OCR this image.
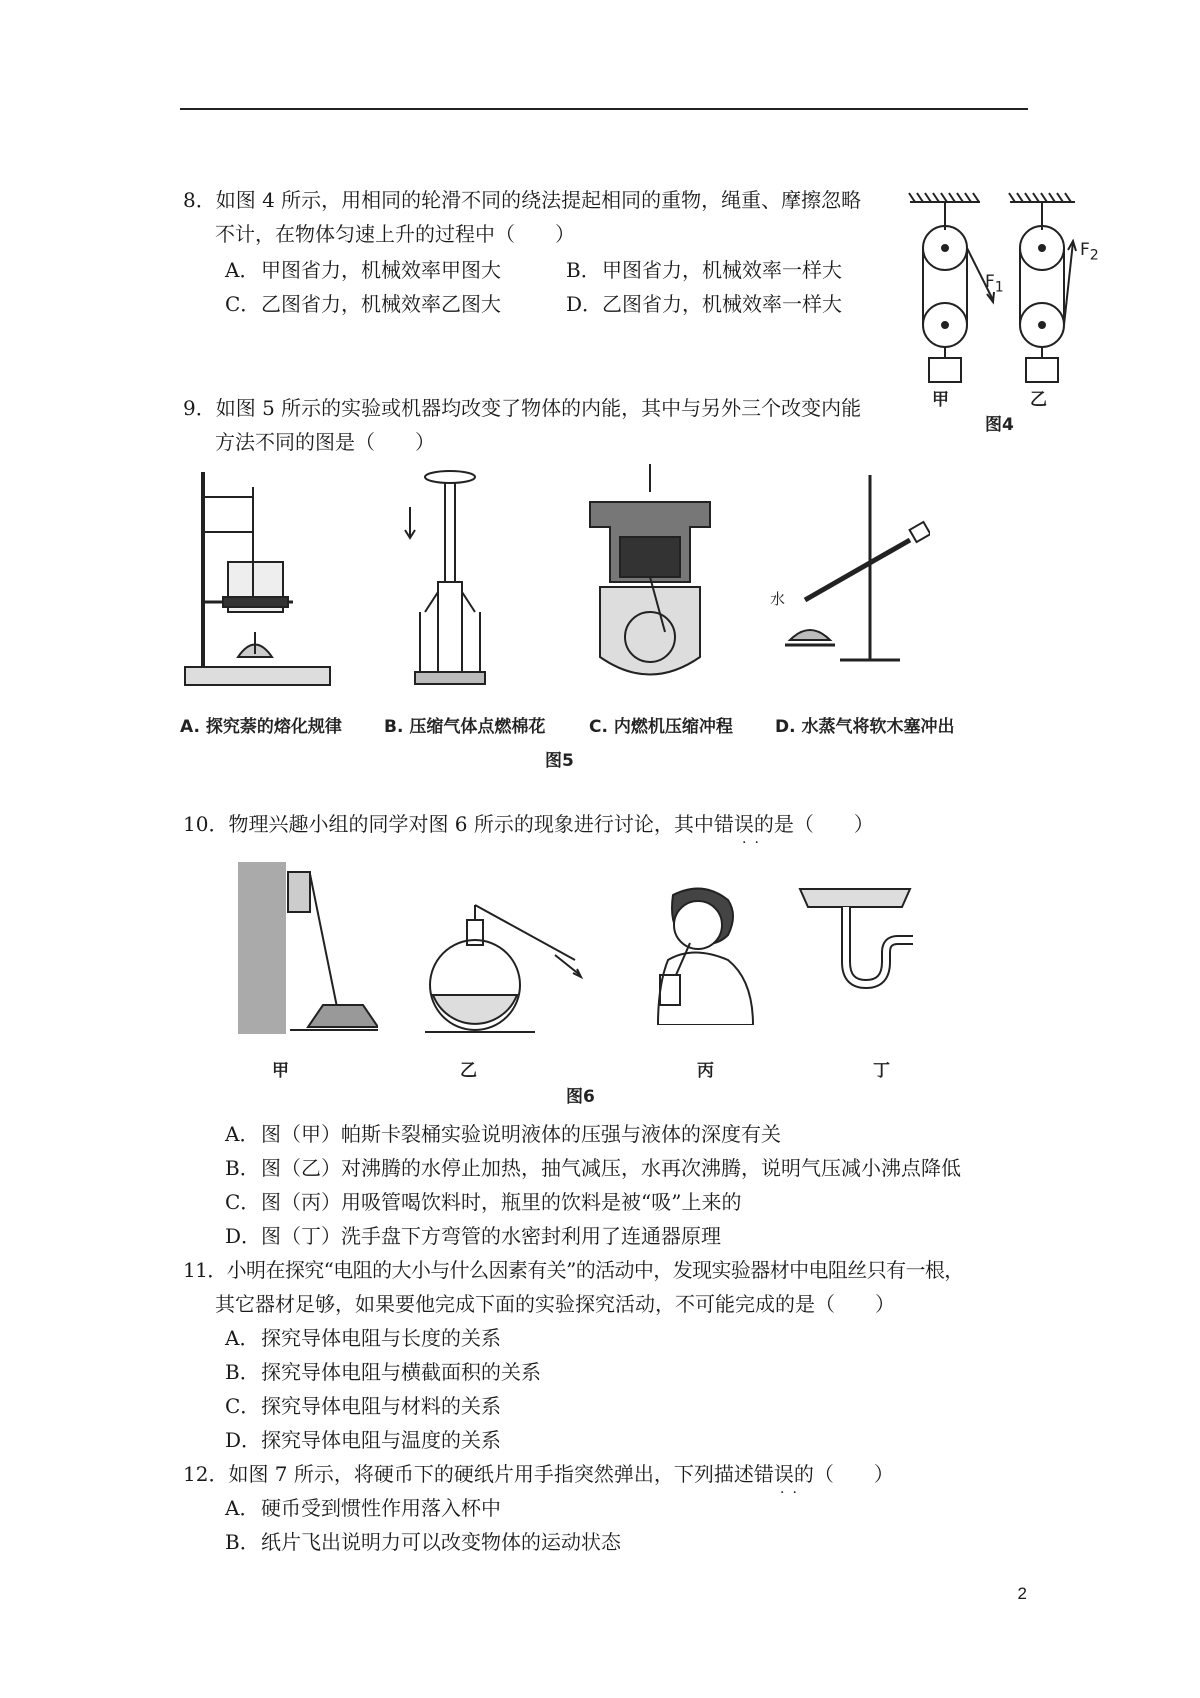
8．如图 4 所示，用相同的轮滑不同的绕法提起相同的重物，绳重、摩擦忽略
不计，在物体匀速上升的过程中（　　）
A．甲图省力，机械效率甲图大	B．甲图省力，机械效率一样大
C．乙图省力，机械效率乙图大	D．乙图省力，机械效率一样大
$F_1$
$F_2$
甲	乙
图4
9．如图 5 所示的实验或机器均改变了物体的内能，其中与另外三个改变内能
方法不同的图是（　　）
水
A. 探究萘的熔化规律 B. 压缩气体点燃棉花	C. 内燃机压缩冲程 D. 水蒸气将软木塞冲出
图5
10．物理兴趣小组的同学对图 6 所示的现象进行讨论，其中错误的是（　　）
··
甲	乙	丙	丁
图6
A．图（甲）帕斯卡裂桶实验说明液体的压强与液体的深度有关
B．图（乙）对沸腾的水停止加热，抽气减压，水再次沸腾，说明气压减小沸点降低
C．图（丙）用吸管喝饮料时，瓶里的饮料是被“吸”上来的
D．图（丁）洗手盘下方弯管的水密封利用了连通器原理
11．小明在探究“电阻的大小与什么因素有关”的活动中，发现实验器材中电阻丝只有一根，
其它器材足够，如果要他完成下面的实验探究活动，不可能完成的是（　　）
A．探究导体电阻与长度的关系
B．探究导体电阻与横截面积的关系
C．探究导体电阻与材料的关系
D．探究导体电阻与温度的关系
12．如图 7 所示，将硬币下的硬纸片用手指突然弹出，下列描述错误的（　　）
··
A．硬币受到惯性作用落入杯中
B．纸片飞出说明力可以改变物体的运动状态
2
